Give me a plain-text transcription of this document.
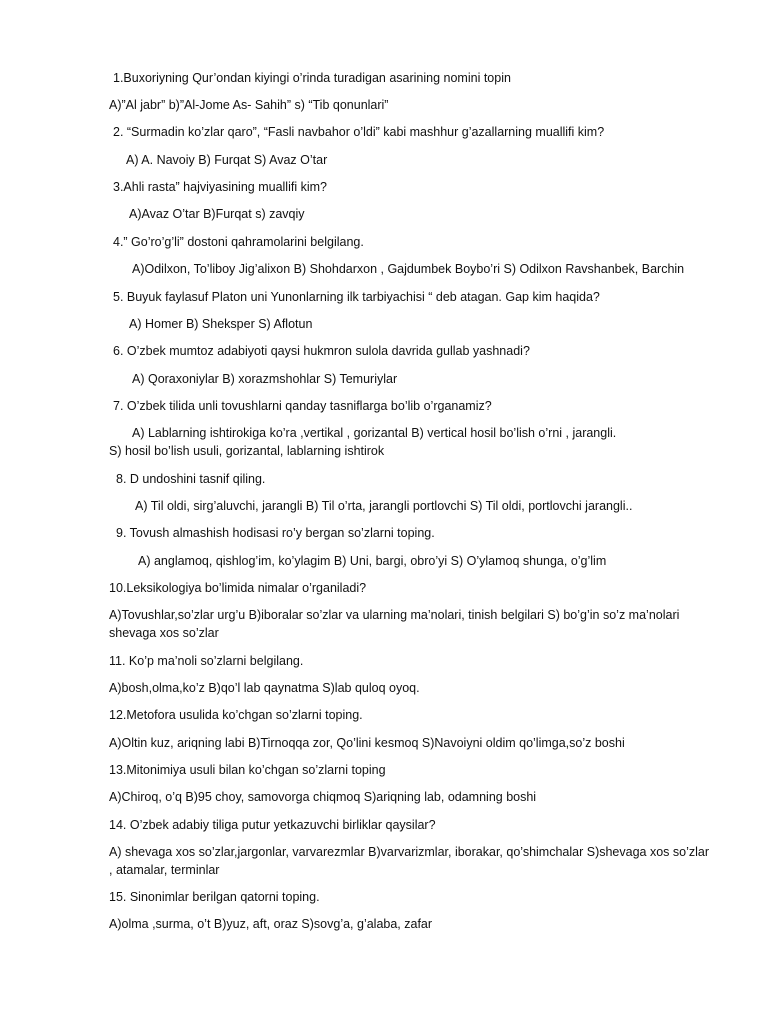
1.Buxoriyning Qur’ondan kiyingi o’rinda turadigan asarining nomini topin
A)”Al jabr” b)”Al-Jome As- Sahih” s) “Tib qonunlari”
2. “Surmadin ko’zlar qaro”, “Fasli navbahor o’ldi” kabi mashhur g’azallarning muallifi kim?
A) A. Navoiy B) Furqat S) Avaz O’tar
3.Ahli rasta” hajviyasining muallifi kim?
A)Avaz O’tar B)Furqat s) zavqiy
4.” Go’ro’g’li” dostoni qahramolarini belgilang.
A)Odilxon, To’liboy Jig’alixon B) Shohdarxon , Gajdumbek Boybo’ri S) Odilxon Ravshanbek, Barchin
5. Buyuk faylasuf Platon uni Yunonlarning ilk tarbiyachisi “ deb atagan. Gap kim haqida?
A) Homer B) Shekspеr S) Aflotun
6. O’zbek mumtoz adabiyoti qaysi hukmron sulola davrida gullab yashnadi?
A) Qoraxoniylar B) xorazmshohlar S) Temuriylar
7. O’zbek tilida unli tovushlarni qanday tasniflarga bo’lib o’rganamiz?
A) Lablarning ishtirokiga ko’ra ,vertikal , gorizantal B) vertical hosil bo’lish o’rni , jarangli.
S) hosil bo’lish usuli, gorizantal, lablarning ishtirok
8. D undoshini tasnif qiling.
A) Til oldi, sirg’aluvchi, jarangli B) Til o’rta, jarangli portlovchi S) Til oldi, portlovchi jarangli..
9. Tovush almashish hodisasi ro’y bergan so’zlarni toping.
A) anglamoq, qishlog’im, ko’ylagim B) Uni, bargi, obro’yi S) O’ylamoq shunga, o’g’lim
10.Leksikologiya bo’limida nimalar o’rganiladi?
A)Tovushlar,so’zlar urg’u B)iboralar so’zlar va ularning ma’nolari, tinish belgilari S) bo’g’in so’z ma’nolari shevaga xos so’zlar
11. Ko’p ma’noli so’zlarni belgilang.
A)bosh,olma,ko’z B)qo’l lab qaynatma S)lab quloq oyoq.
12.Metofora usulida ko’chgan so’zlarni toping.
A)Oltin kuz, ariqning labi B)Tirnoqqa zor, Qo’lini kesmoq S)Navoiyni oldim qo’limga,so’z boshi
13.Mitonimiya usuli bilan ko’chgan so’zlarni toping
A)Chiroq, o’q B)95 choy, samovorga chiqmoq S)ariqning lab, odamning boshi
14. O’zbek adabiy tiliga putur yetkazuvchi birliklar qaysilar?
A) shevaga xos so’zlar,jargonlar, varvarezmlar B)varvarizmlar, iborakar, qo’shimchalar S)shevaga xos so’zlar , atamalar, terminlar
15. Sinonimlar berilgan qatorni toping.
A)olma ,surma, o’t B)yuz, aft, oraz S)sovg’a, g’alaba, zafar
